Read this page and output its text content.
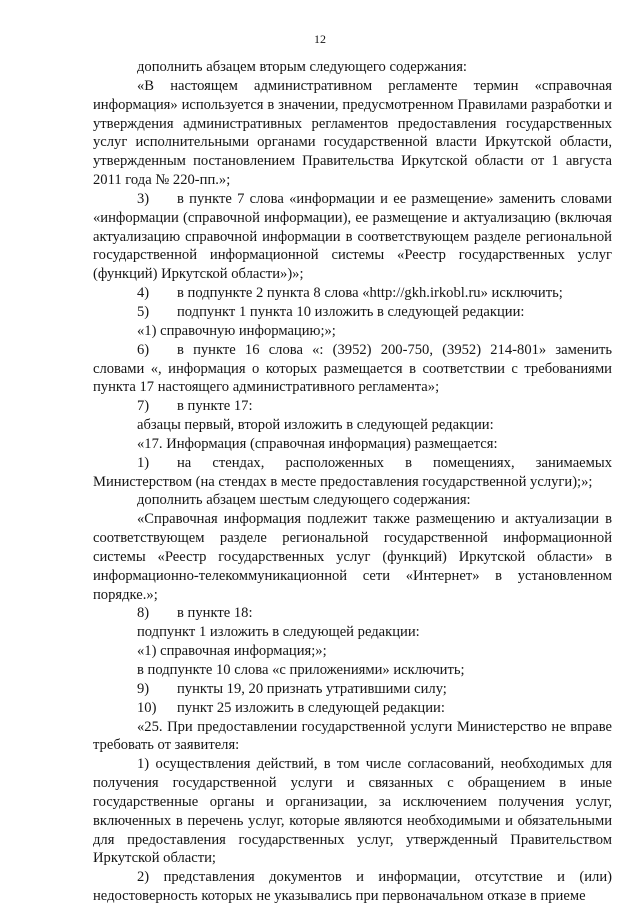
12

дополнить абзацем вторым следующего содержания:

«В настоящем административном регламенте термин «справочная информация» используется в значении, предусмотренном Правилами разработки и утверждения административных регламентов предоставления государственных услуг исполнительными органами государственной власти Иркутской области, утвержденным постановлением Правительства Иркутской области от 1 августа 2011 года № 220-пп.»;

3) в пункте 7 слова «информации и ее размещение» заменить словами «информации (справочной информации), ее размещение и актуализацию (включая актуализацию справочной информации в соответствующем разделе региональной государственной информационной системы «Реестр государственных услуг (функций) Иркутской области»)»;

4) в подпункте 2 пункта 8 слова «http://gkh.irkobl.ru» исключить;

5) подпункт 1 пункта 10 изложить в следующей редакции:

«1) справочную информацию;»;

6) в пункте 16 слова «: (3952) 200-750, (3952) 214-801» заменить словами «, информация о которых размещается в соответствии с требованиями пункта 17 настоящего административного регламента»;

7) в пункте 17:

абзацы первый, второй изложить в следующей редакции:

«17. Информация (справочная информация) размещается:

1) на стендах, расположенных в помещениях, занимаемых Министерством (на стендах в месте предоставления государственной услуги);»;

дополнить абзацем шестым следующего содержания:

«Справочная информация подлежит также размещению и актуализации в соответствующем разделе региональной государственной информационной системы «Реестр государственных услуг (функций) Иркутской области» в информационно-телекоммуникационной сети «Интернет» в установленном порядке.»;

8) в пункте 18:

подпункт 1 изложить в следующей редакции:

«1) справочная информация;»;

в подпункте 10 слова «с приложениями» исключить;

9) пункты 19, 20 признать утратившими силу;

10) пункт 25 изложить в следующей редакции:

«25. При предоставлении государственной услуги Министерство не вправе требовать от заявителя:

1) осуществления действий, в том числе согласований, необходимых для получения государственной услуги и связанных с обращением в иные государственные органы и организации, за исключением получения услуг, включенных в перечень услуг, которые являются необходимыми и обязательными для предоставления государственных услуг, утвержденный Правительством Иркутской области;

2) представления документов и информации, отсутствие и (или) недостоверность которых не указывались при первоначальном отказе в приеме
